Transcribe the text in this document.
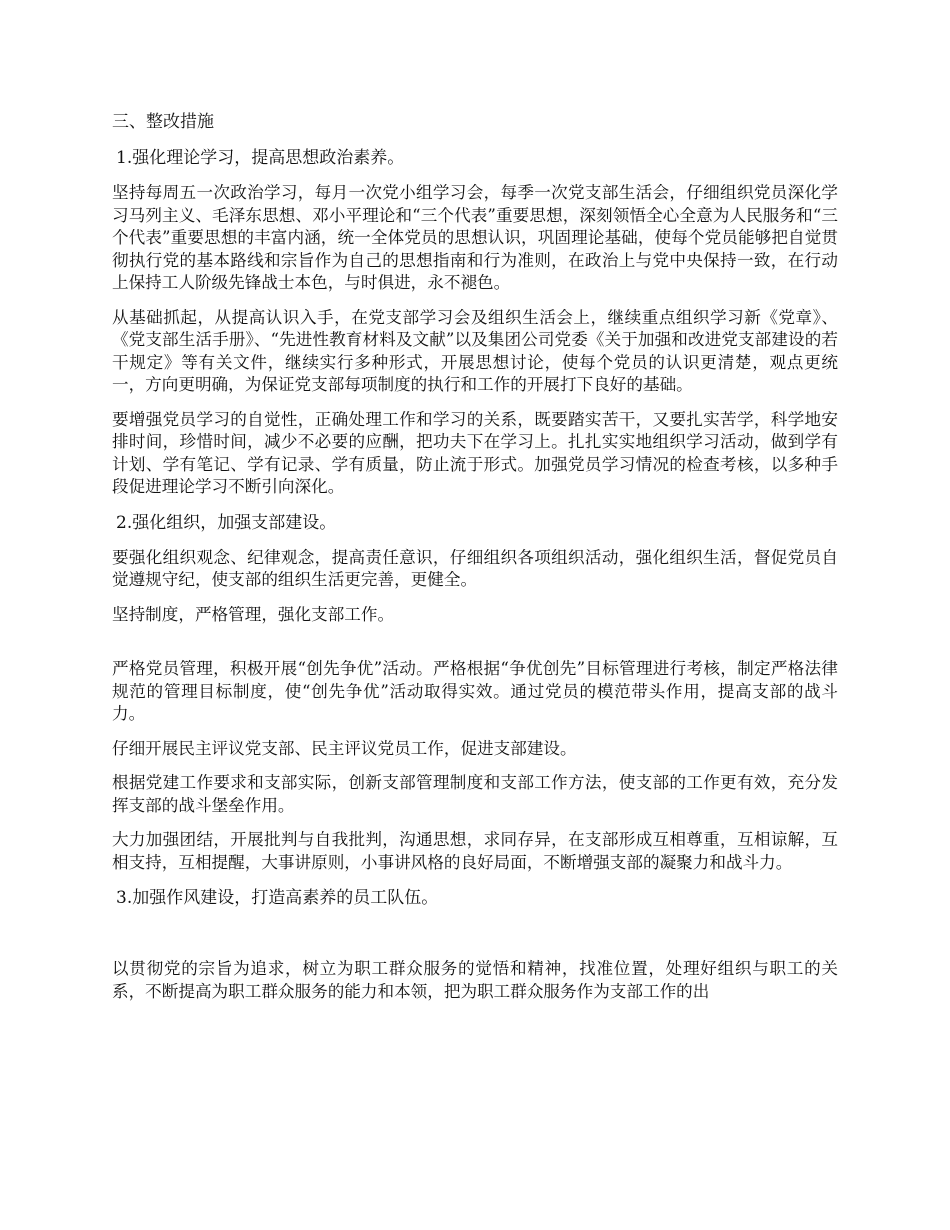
三、整改措施
1.强化理论学习，提高思想政治素养。

坚持每周五一次政治学习，每月一次党小组学习会，每季一次党支部生活会，仔细组织党员深化学习马列主义、毛泽东思想、邓小平理论和“三个代表”重要思想，深刻领悟全心全意为人民服务和“三个代表”重要思想的丰富内涵，统一全体党员的思想认识，巩固理论基础，使每个党员能够把自觉贯彻执行党的基本路线和宗旨作为自己的思想指南和行为准则，在政治上与党中央保持一致，在行动上保持工人阶级先锋战士本色，与时俱进，永不褪色。

从基础抓起，从提高认识入手，在党支部学习会及组织生活会上，继续重点组织学习新《党章》、《党支部生活手册》、“先进性教育材料及文献”以及集团公司党委《关于加强和改进党支部建设的若干规定》等有关文件，继续实行多种形式，开展思想讨论，使每个党员的认识更清楚，观点更统一，方向更明确，为保证党支部每项制度的执行和工作的开展打下良好的基础。

要增强党员学习的自觉性，正确处理工作和学习的关系，既要踏实苦干，又要扎实苦学，科学地安排时间，珍惜时间，减少不必要的应酬，把功夫下在学习上。扎扎实实地组织学习活动，做到学有计划、学有笔记、学有记录、学有质量，防止流于形式。加强党员学习情况的检查考核，以多种手段促进理论学习不断引向深化。

2.强化组织，加强支部建设。

要强化组织观念、纪律观念，提高责任意识，仔细组织各项组织活动，强化组织生活，督促党员自觉遵规守纪，使支部的组织生活更完善，更健全。

坚持制度，严格管理，强化支部工作。

严格党员管理，积极开展“创先争优”活动。严格根据“争优创先”目标管理进行考核，制定严格法律规范的管理目标制度，使“创先争优”活动取得实效。通过党员的模范带头作用，提高支部的战斗力。

仔细开展民主评议党支部、民主评议党员工作，促进支部建设。

根据党建工作要求和支部实际，创新支部管理制度和支部工作方法，使支部的工作更有效，充分发挥支部的战斗堡垒作用。

大力加强团结，开展批判与自我批判，沟通思想，求同存异，在支部形成互相尊重，互相谅解，互相支持，互相提醒，大事讲原则，小事讲风格的良好局面，不断增强支部的凝聚力和战斗力。

3.加强作风建设，打造高素养的员工队伍。

以贯彻党的宗旨为追求，树立为职工群众服务的觉悟和精神，找准位置，处理好组织与职工的关系，不断提高为职工群众服务的能力和本领，把为职工群众服务作为支部工作的出
